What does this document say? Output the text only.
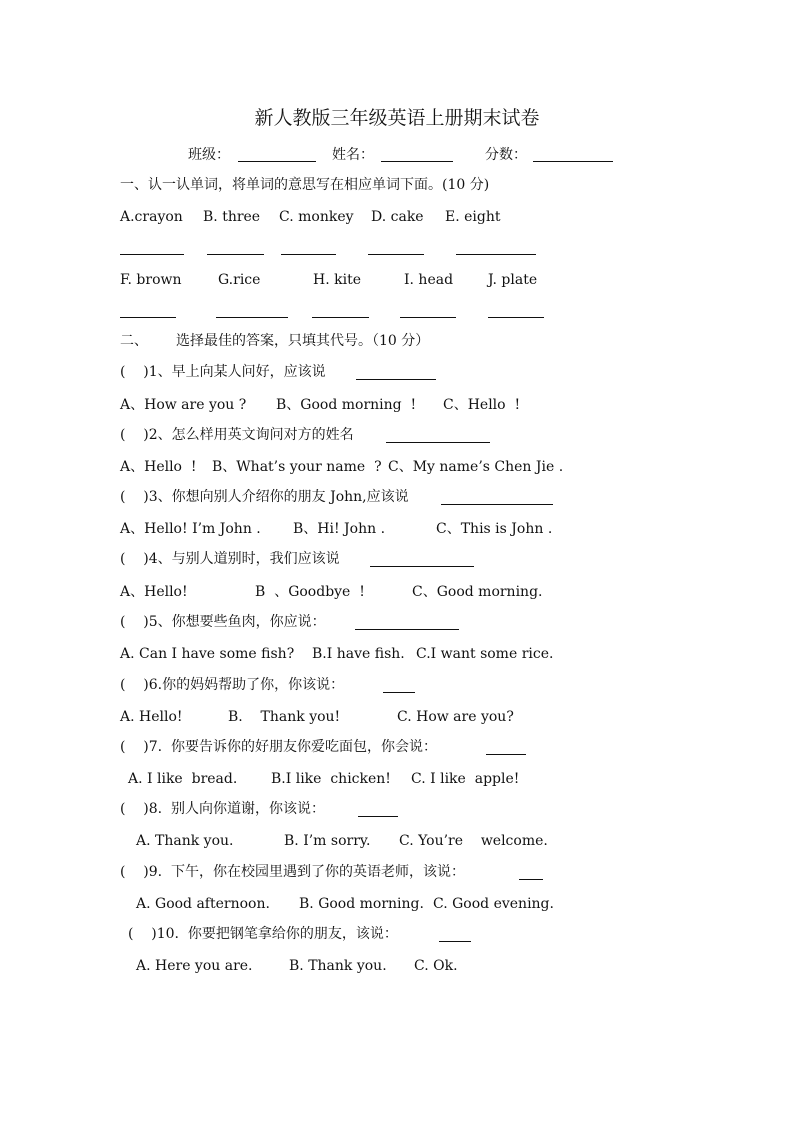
新人教版三年级英语上册期末试卷
班级：	姓名：	分数：
一、认一认单词，将单词的意思写在相应单词下面。(10 分)
A.crayon B. three C. monkey D. cake E. eight
F. brown	G.rice	H. kite	I. head J. plate
二、 选择最佳的答案，只填其代号。（10 分）
(    )1、早上向某人问好，应该说
A、How are you ? B、Good morning  ! C、Hello  !
(    )2、怎么样用英文询问对方的姓名
A、Hello  ! B、What’s your name  ? C、My name’s Chen Jie .
(    )3、你想向别人介绍你的朋友 John,应该说
A、Hello! I’m John . B、Hi! John .	C、This is John .
(    )4、与别人道别时，我们应该说
A、Hello!	B  、Goodbye  !	C、Good morning.
(    )5、你想要些鱼肉，你应说：
A. Can I have some fish? B.I have fish. C.I want some rice.
(    )6.你的妈妈帮助了你，你该说：
A. Hello!	B.    Thank you!	C. How are you?
(    )7.  你要告诉你的好朋友你爱吃面包，你会说：
A. I like  bread. B.I like  chicken! C. I like  apple!
(    )8.  别人向你道谢，你该说：
A. Thank you.	B. I’m sorry. C. You’re    welcome.
(    )9.  下午，你在校园里遇到了你的英语老师，该说：
A. Good afternoon. B. Good morning. C. Good evening.
(    )10.  你要把钢笔拿给你的朋友，该说：
A. Here you are.	B. Thank you. C. Ok.
